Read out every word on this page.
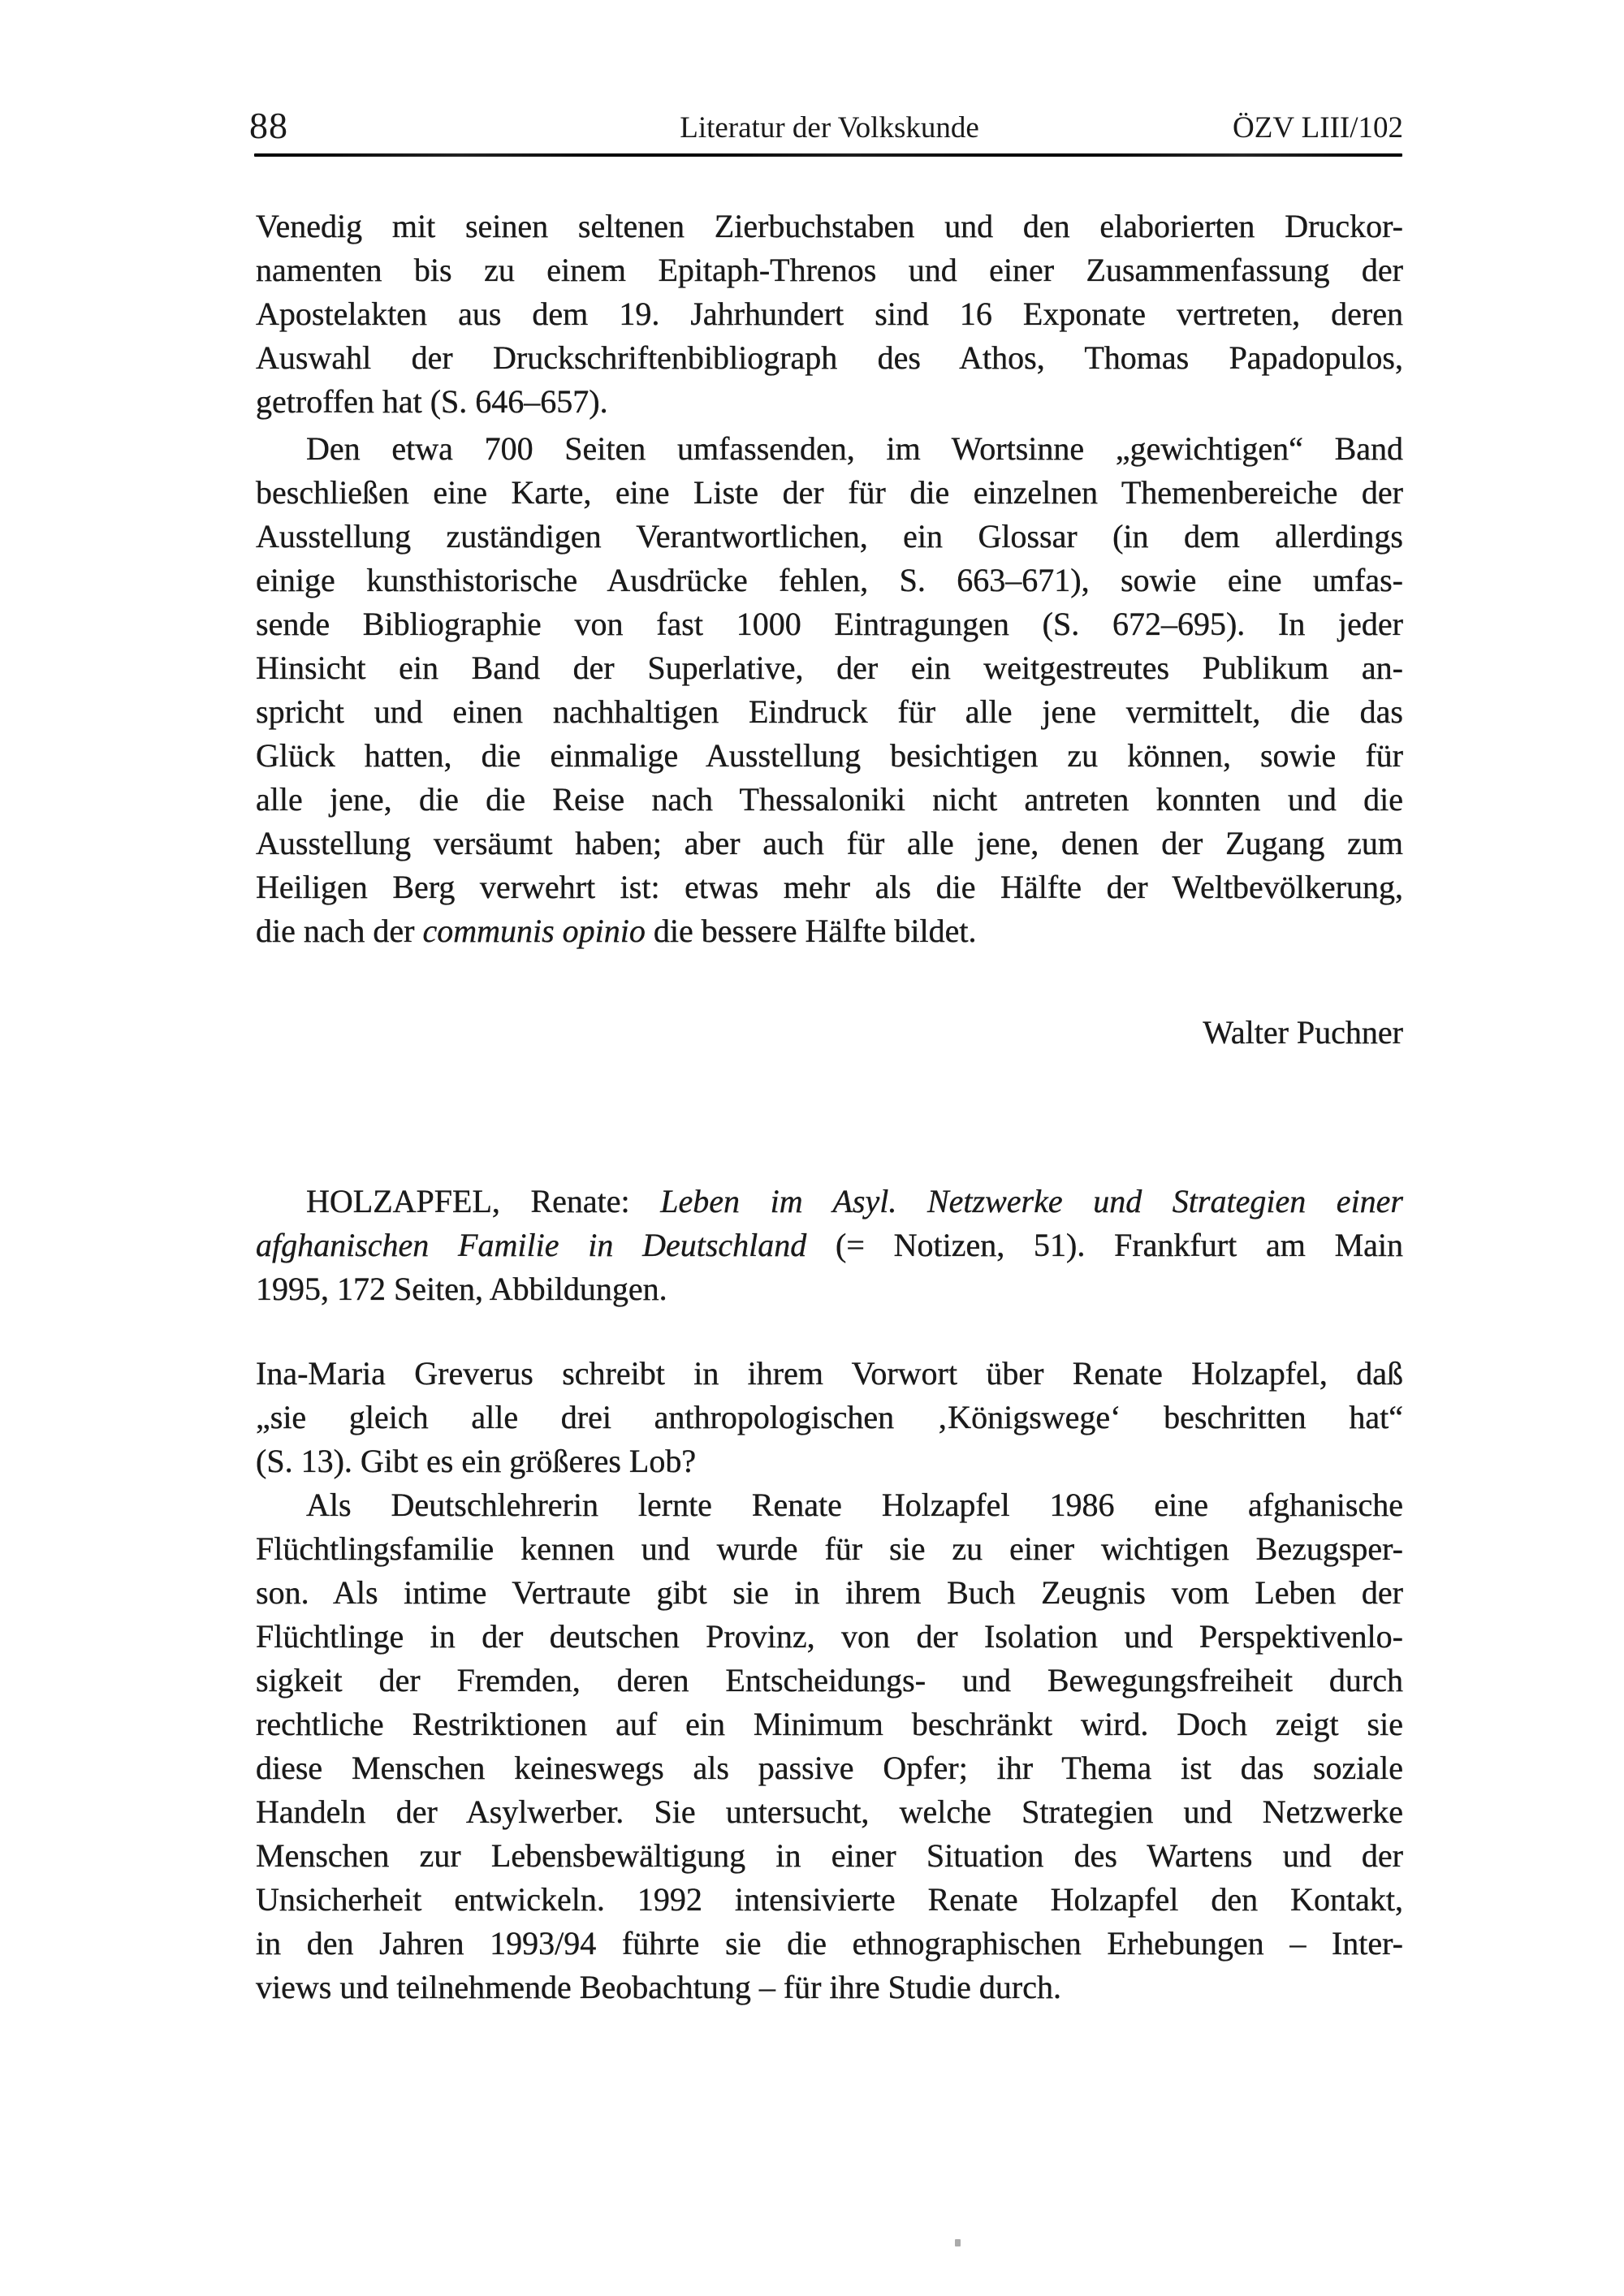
88	Literatur der Volkskunde	ÖZV LIII/102
Venedig mit seinen seltenen Zierbuchstaben und den elaborierten Druckor-
namenten bis zu einem Epitaph-Threnos und einer Zusammenfassung der
Apostelakten aus dem 19. Jahrhundert sind 16 Exponate vertreten, deren
Auswahl der Druckschriftenbibliograph des Athos, Thomas Papadopulos,
getroffen hat (S. 646–657).
Den etwa 700 Seiten umfassenden, im Wortsinne „gewichtigen“ Band
beschließen eine Karte, eine Liste der für die einzelnen Themenbereiche der
Ausstellung zuständigen Verantwortlichen, ein Glossar (in dem allerdings
einige kunsthistorische Ausdrücke fehlen, S. 663–671), sowie eine umfas-
sende Bibliographie von fast 1000 Eintragungen (S. 672–695). In jeder
Hinsicht ein Band der Superlative, der ein weitgestreutes Publikum an-
spricht und einen nachhaltigen Eindruck für alle jene vermittelt, die das
Glück hatten, die einmalige Ausstellung besichtigen zu können, sowie für
alle jene, die die Reise nach Thessaloniki nicht antreten konnten und die
Ausstellung versäumt haben; aber auch für alle jene, denen der Zugang zum
Heiligen Berg verwehrt ist: etwas mehr als die Hälfte der Weltbevölkerung,
die nach der communis opinio die bessere Hälfte bildet.
Walter Puchner
HOLZAPFEL, Renate: Leben im Asyl. Netzwerke und Strategien einer
afghanischen Familie in Deutschland (= Notizen, 51). Frankfurt am Main
1995, 172 Seiten, Abbildungen.
Ina-Maria Greverus schreibt in ihrem Vorwort über Renate Holzapfel, daß
„sie gleich alle drei anthropologischen ‚Königswege‘ beschritten hat“
(S. 13). Gibt es ein größeres Lob?
Als Deutschlehrerin lernte Renate Holzapfel 1986 eine afghanische
Flüchtlingsfamilie kennen und wurde für sie zu einer wichtigen Bezugsper-
son. Als intime Vertraute gibt sie in ihrem Buch Zeugnis vom Leben der
Flüchtlinge in der deutschen Provinz, von der Isolation und Perspektivenlo-
sigkeit der Fremden, deren Entscheidungs- und Bewegungsfreiheit durch
rechtliche Restriktionen auf ein Minimum beschränkt wird. Doch zeigt sie
diese Menschen keineswegs als passive Opfer; ihr Thema ist das soziale
Handeln der Asylwerber. Sie untersucht, welche Strategien und Netzwerke
Menschen zur Lebensbewältigung in einer Situation des Wartens und der
Unsicherheit entwickeln. 1992 intensivierte Renate Holzapfel den Kontakt,
in den Jahren 1993/94 führte sie die ethnographischen Erhebungen – Inter-
views und teilnehmende Beobachtung – für ihre Studie durch.
